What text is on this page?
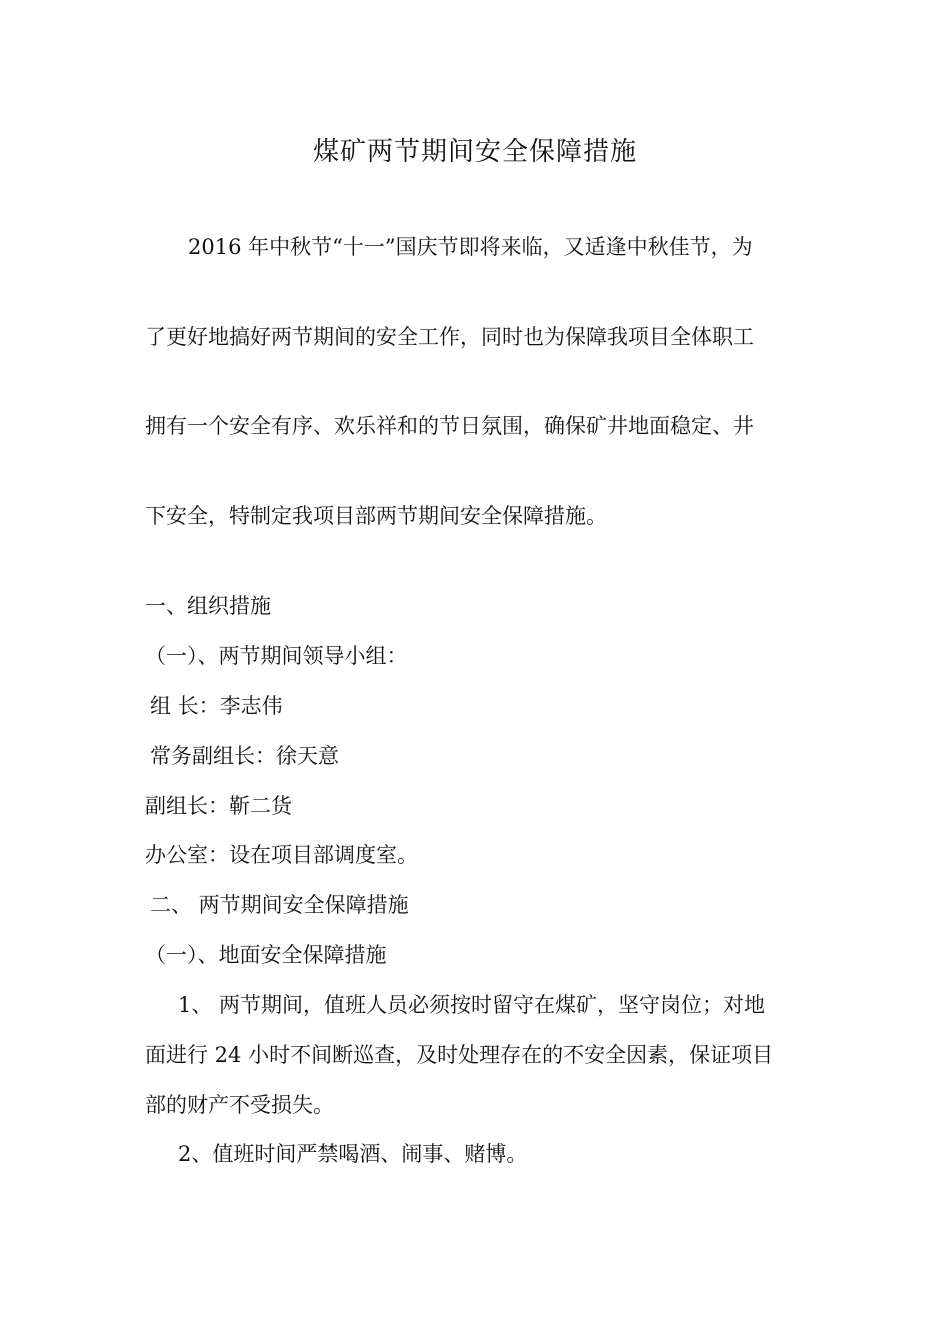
煤矿两节期间安全保障措施
2016 年中秋节“十一”国庆节即将来临，又适逢中秋佳节，为
了更好地搞好两节期间的安全工作，同时也为保障我项目全体职工
拥有一个安全有序、欢乐祥和的节日氛围，确保矿井地面稳定、井
下安全，特制定我项目部两节期间安全保障措施。
一、组织措施
（一）、两节期间领导小组：
组 长：李志伟
常务副组长：徐天意
副组长：靳二货
办公室：设在项目部调度室。
二、 两节期间安全保障措施
（一）、地面安全保障措施
1、 两节期间，值班人员必须按时留守在煤矿，坚守岗位；对地
面进行 24 小时不间断巡查，及时处理存在的不安全因素，保证项目
部的财产不受损失。
2、值班时间严禁喝酒、闹事、赌博。
